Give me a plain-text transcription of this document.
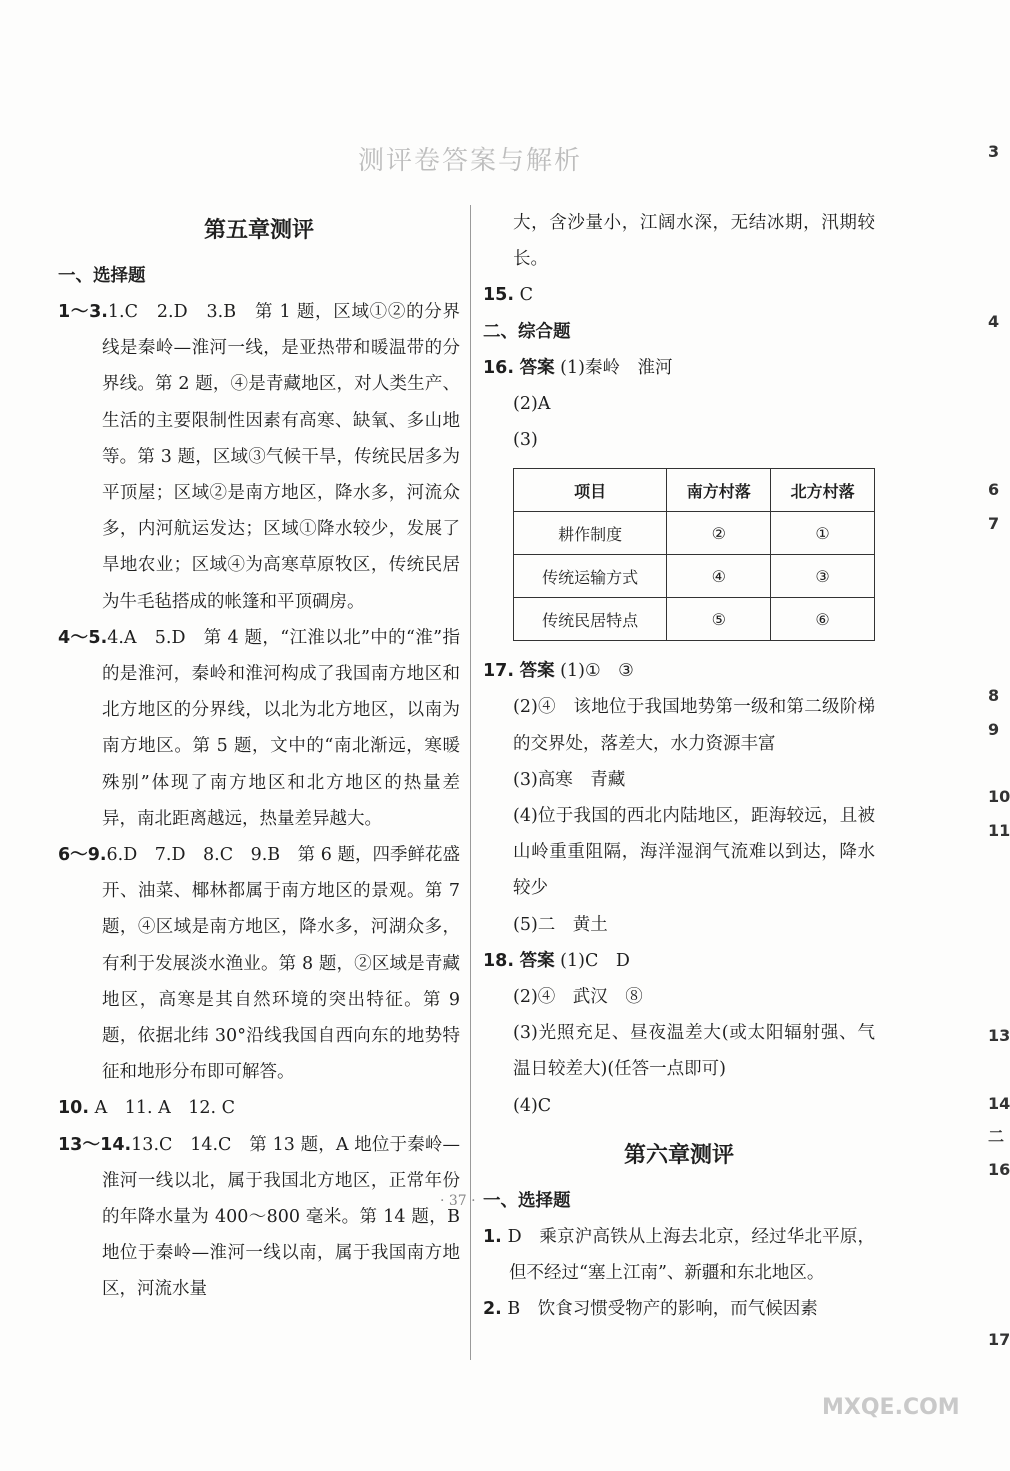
测评卷答案与解析
第五章测评
一、选择题
1～3.1.C　2.D　3.B　第 1 题，区域①②的分界线是秦岭—淮河一线，是亚热带和暖温带的分界线。第 2 题，④是青藏地区，对人类生产、生活的主要限制性因素有高寒、缺氧、多山地等。第 3 题，区域③气候干旱，传统民居多为平顶屋；区域②是南方地区，降水多，河流众多，内河航运发达；区域①降水较少，发展了旱地农业；区域④为高寒草原牧区，传统民居为牛毛毡搭成的帐篷和平顶碉房。
4～5.4.A　5.D　第 4 题，“江淮以北”中的“淮”指的是淮河，秦岭和淮河构成了我国南方地区和北方地区的分界线，以北为北方地区，以南为南方地区。第 5 题，文中的“南北渐远，寒暖殊别”体现了南方地区和北方地区的热量差异，南北距离越远，热量差异越大。
6～9.6.D　7.D　8.C　9.B　第 6 题，四季鲜花盛开、油菜、椰林都属于南方地区的景观。第 7 题，④区域是南方地区，降水多，河湖众多，有利于发展淡水渔业。第 8 题，②区域是青藏地区，高寒是其自然环境的突出特征。第 9 题，依据北纬 30°沿线我国自西向东的地势特征和地形分布即可解答。
10. A　11. A　12. C
13～14.13.C　14.C　第 13 题，A 地位于秦岭—淮河一线以北，属于我国北方地区，正常年份的年降水量为 400～800 毫米。第 14 题，B 地位于秦岭—淮河一线以南，属于我国南方地区，河流水量
大，含沙量小，江阔水深，无结冰期，汛期较长。
15. C
二、综合题
16. 答案 (1)秦岭　淮河
(2)A
(3)
项目	南方村落	北方村落
耕作制度	②	①
传统运输方式	④	③
传统民居特点	⑤	⑥
17. 答案 (1)①　③
(2)④　该地位于我国地势第一级和第二级阶梯的交界处，落差大，水力资源丰富
(3)高寒　青藏
(4)位于我国的西北内陆地区，距海较远，且被山岭重重阻隔，海洋湿润气流难以到达，降水较少
(5)二　黄土
18. 答案 (1)C　D
(2)④　武汉　⑧
(3)光照充足、昼夜温差大(或太阳辐射强、气温日较差大)(任答一点即可)
(4)C
第六章测评
一、选择题
1. D　乘京沪高铁从上海去北京，经过华北平原，但不经过“塞上江南”、新疆和东北地区。
2. B　饮食习惯受物产的影响，而气候因素
· 37 ·
3
4
6
7
8
9
10
11
13
14
二
16
17
MXQE.COM
